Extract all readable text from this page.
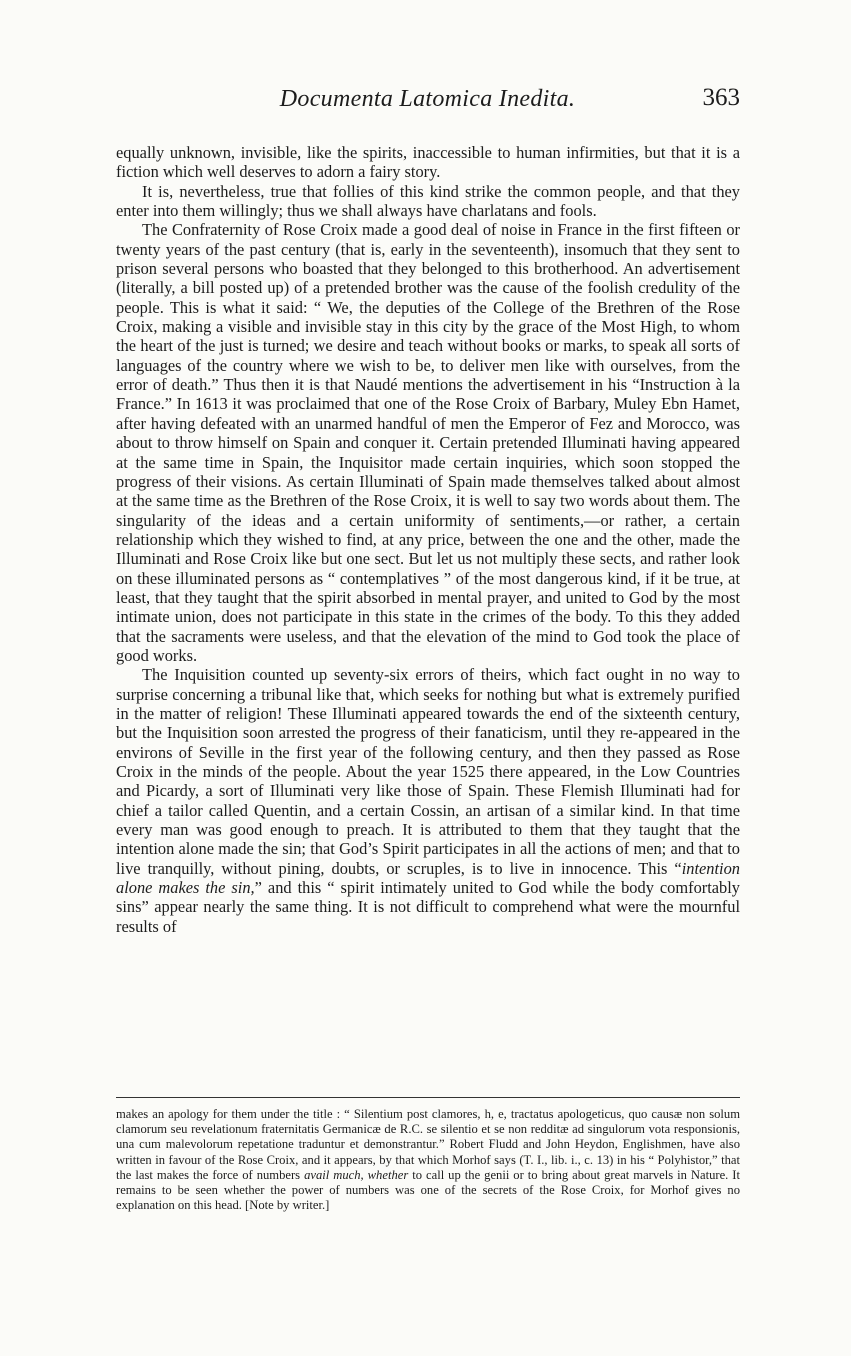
Documenta Latomica Inedita.	363

equally unknown, invisible, like the spirits, inaccessible to human infirmities, but that it is a fiction which well deserves to adorn a fairy story.

It is, nevertheless, true that follies of this kind strike the common people, and that they enter into them willingly; thus we shall always have charlatans and fools.

The Confraternity of Rose Croix made a good deal of noise in France in the first fifteen or twenty years of the past century (that is, early in the seventeenth), insomuch that they sent to prison several persons who boasted that they belonged to this brotherhood. An advertisement (literally, a bill posted up) of a pretended brother was the cause of the foolish credulity of the people. This is what it said: “ We, the deputies of the College of the Brethren of the Rose Croix, making a visible and invisible stay in this city by the grace of the Most High, to whom the heart of the just is turned; we desire and teach without books or marks, to speak all sorts of languages of the country where we wish to be, to deliver men like with ourselves, from the error of death.” Thus then it is that Naudé mentions the advertisement in his “Instruction à la France.” In 1613 it was proclaimed that one of the Rose Croix of Barbary, Muley Ebn Hamet, after having defeated with an unarmed handful of men the Emperor of Fez and Morocco, was about to throw himself on Spain and conquer it. Certain pretended Illuminati having appeared at the same time in Spain, the Inquisitor made certain inquiries, which soon stopped the progress of their visions. As certain Illuminati of Spain made themselves talked about almost at the same time as the Brethren of the Rose Croix, it is well to say two words about them. The singularity of the ideas and a certain uniformity of sentiments,—or rather, a certain relationship which they wished to find, at any price, between the one and the other, made the Illuminati and Rose Croix like but one sect. But let us not multiply these sects, and rather look on these illuminated persons as “ contemplatives ” of the most dangerous kind, if it be true, at least, that they taught that the spirit absorbed in mental prayer, and united to God by the most intimate union, does not participate in this state in the crimes of the body. To this they added that the sacraments were useless, and that the elevation of the mind to God took the place of good works.

The Inquisition counted up seventy-six errors of theirs, which fact ought in no way to surprise concerning a tribunal like that, which seeks for nothing but what is extremely purified in the matter of religion! These Illuminati appeared towards the end of the sixteenth century, but the Inquisition soon arrested the progress of their fanaticism, until they re-appeared in the environs of Seville in the first year of the following century, and then they passed as Rose Croix in the minds of the people. About the year 1525 there appeared, in the Low Countries and Picardy, a sort of Illuminati very like those of Spain. These Flemish Illuminati had for chief a tailor called Quentin, and a certain Cossin, an artisan of a similar kind. In that time every man was good enough to preach. It is attributed to them that they taught that the intention alone made the sin; that God’s Spirit participates in all the actions of men; and that to live tranquilly, without pining, doubts, or scruples, is to live in innocence. This “intention alone makes the sin,” and this “ spirit intimately united to God while the body comfortably sins” appear nearly the same thing. It is not difficult to comprehend what were the mournful results of

makes an apology for them under the title : “ Silentium post clamores, h, e, tractatus apologeticus, quo causæ non solum clamorum seu revelationum fraternitatis Germanicæ de R.C. se silentio et se non redditæ ad singulorum vota responsionis, una cum malevolorum repetatione traduntur et demonstrantur.” Robert Fludd and John Heydon, Englishmen, have also written in favour of the Rose Croix, and it appears, by that which Morhof says (T. I., lib. i., c. 13) in his “ Polyhistor,” that the last makes the force of numbers avail much, whether to call up the genii or to bring about great marvels in Nature. It remains to be seen whether the power of numbers was one of the secrets of the Rose Croix, for Morhof gives no explanation on this head. [Note by writer.]
